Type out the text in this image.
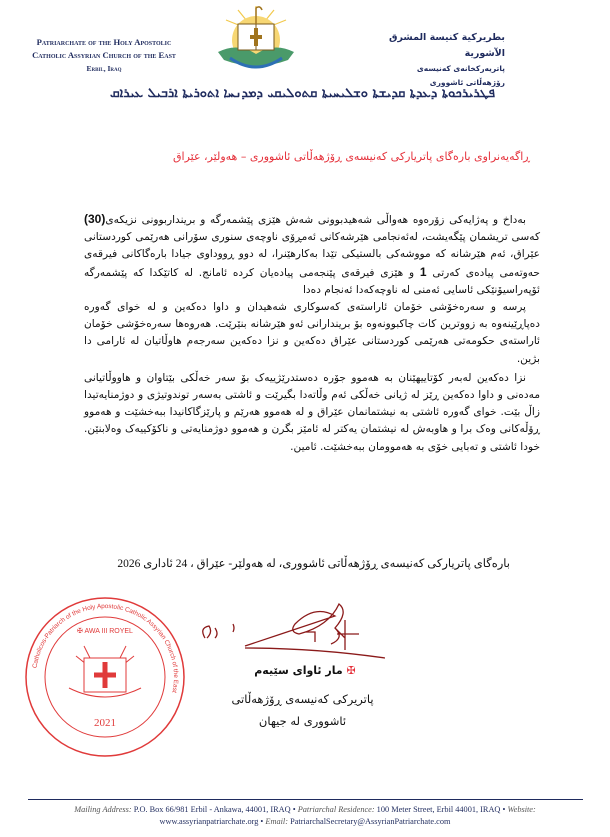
Patriarchate of the Holy Apostolic
Catholic Assyrian Church of the East
Erbil, Iraq
بطريركية كنيسة المشرق الآشورية
پاتریەرکخانەی کەنیسەی رۆژهەڵاتی ئاشووری
ܦܛܪܝܪܟܘܬܐ ܕܥܕܬܐ ܩܕܝܫܬܐ ܘܫܠܝܚܝܬܐ ܩܬܘܠܝܩܝ ܕܡܕܢܚܐ ܐܬܘܪܝܬܐ ܐܪܒܝܠ ܥܝܪܐܩ
ڕاگەیەنراوی بارەگای پاتریارکی کەنیسەی ڕۆژهەڵاتی ئاشووری – هەولێر، عێراق

بەداخ و پەژایەکی زۆرەوە هەواڵی شەهیدبوونی شەش هێزی پێشمەرگە و برینداربوونی نزیکەی(30) کەسی تریشمان پێگەیشت، لەئەنجامی هێرشەکانی ئەمڕۆی ناوچەی سنوری سۆرانی هەرێمی کوردستانی عێراق، ئەم هێرشانە کە مووشەکی بالستیکی تێدا بەکارهێنرا، لە دوو ڕووداوی جیادا بارەگاکانی فیرقەی حەوتەمی پیادەی کەرتی 1 و هێزی فیرقەی پێنجەمی پیادەیان کردە ئامانج. لە کاتێکدا کە پێشمەرگە ئۆپەراسیۆنێکی ئاسایی ئەمنی لە ناوچەکەدا ئەنجام دەدا

پرسە و سەرەخۆشی خۆمان ئاراستەی کەسوکاری شەهیدان و داوا دەکەین و لە خوای گەورە دەپاڕێینەوە بە زووترین کات چاکبوونەوە بۆ بریندارانی ئەو هێرشانە بنێرێت. هەروەها سەرەخۆشی خۆمان ئاراستەی حکومەتی هەرێمی کوردستانی عێراق دەکەین و نزا دەکەین سەرجەم هاوڵاتیان لە ئارامی دا بژین.

نزا دەکەین لەبەر کۆتاییهێنان بە هەموو جۆرە دەستدرێژییەک بۆ سەر خەڵکی بێتاوان و هاووڵاتیانی مەدەنی و داوا دەکەین ڕێز لە ژیانی خەڵکی ئەم وڵاتەدا بگیرێت و ئاشتی بەسەر توندوتیژی و دوژمنایەتیدا زاڵ بێت. خوای گەورە ئاشتی بە نیشتمانمان عێراق و لە هەموو هەرێم و پارێزگاکانیدا ببەخشێت و هەموو ڕۆڵەکانی وەک برا و هاوبەش لە نیشتمان یەکتر لە ئامێز بگرن و هەموو دوژمنایەتی و ناکۆکییەک وەلابنێن. خودا ئاشتی و تەبایی خۆی بە هەموومان ببەخشێت. ئامین.

بارەگای پاتریارکی کەنیسەی ڕۆژهەڵاتی ئاشووری، لە هەولێر- عێراق ، 24 ئاداری 2026
Catholicos-Patriarch of the Holy Apostolic Catholic Assyrian Church of the East
✠ AWA III ROYEL
2021
✠ مار ئاوای سێیەم
پاتریرکی کەنیسەی ڕۆژهەڵاتی
ئاشووری لە جیهان
Mailing Address: P.O. Box 66/981 Erbil - Ankawa, 44001, IRAQ • Patriarchal Residence: 100 Meter Street, Erbil 44001, IRAQ • Website:
www.assyrianpatriarchate.org • Email: PatriarchalSecretary@AssyrianPatriarchate.com
